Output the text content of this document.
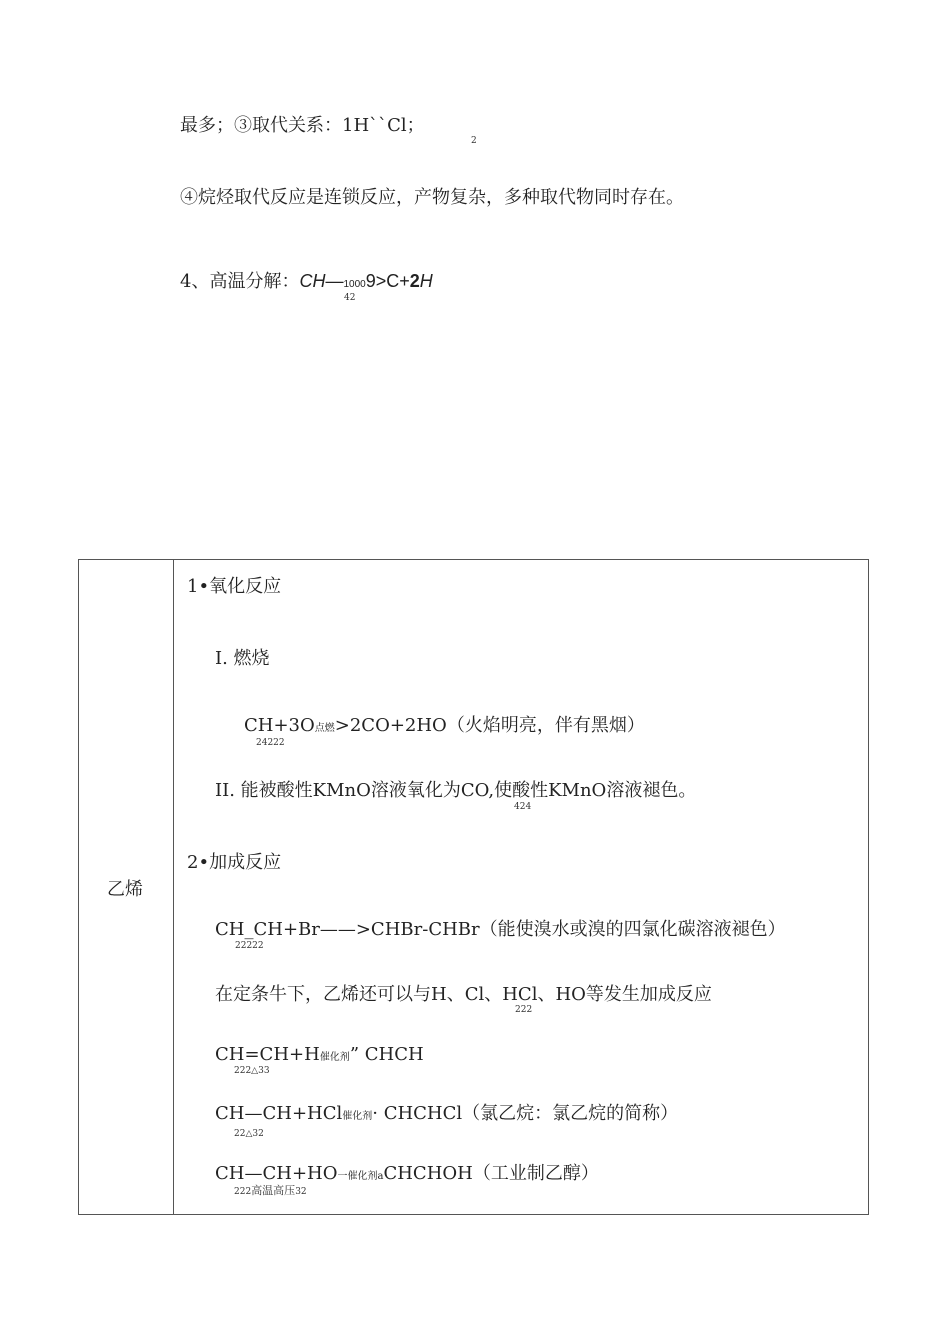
最多；③取代关系：1H``Cl；
2
④烷烃取代反应是连锁反应，产物复杂，多种取代物同时存在。
4、高温分解：CH—10009>C+2H
42
乙烯
1•氧化反应
I. 燃烧
CH+3O点燃>2CO+2HO（火焰明亮，伴有黑烟）
24222
II. 能被酸性KMnO溶液氧化为CO,使酸性KMnO溶液褪色。
424
2•加成反应
CH_CH+Br——>CHBr-CHBr（能使溴水或溴的四氯化碳溶液褪色）
22222
在定条牛下，乙烯还可以与H、Cl、HCl、HO等发生加成反应
222
CH=CH+H催化剂” CHCH
222△33
CH—CH+HCl催化剂· CHCHCl（氯乙烷：氯乙烷的简称）
22△32
CH—CH+HO一催化剂aCHCHOH（工业制乙醇）
222高温高压32
